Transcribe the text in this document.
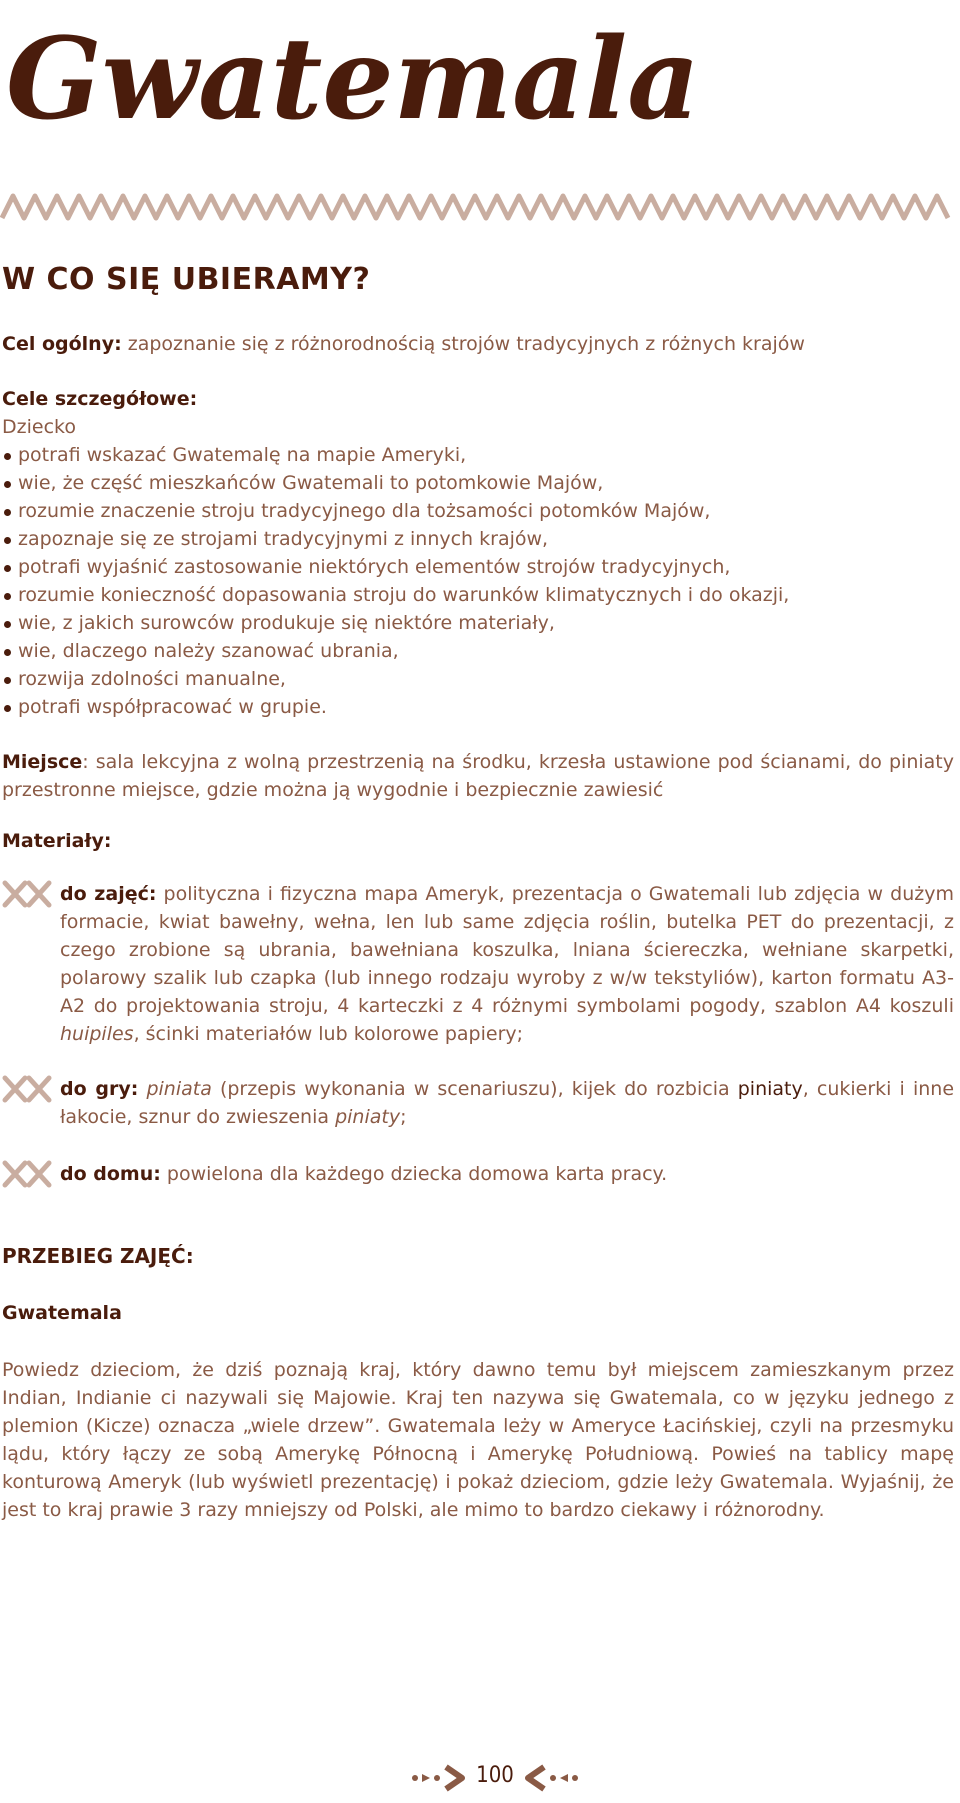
Gwatemala
W CO SIĘ UBIERAMY?
Cel ogólny: zapoznanie się z różnorodnością strojów tradycyjnych z różnych krajów
Cele szczegółowe:
Dziecko
potrafi wskazać Gwatemalę na mapie Ameryki,
wie, że część mieszkańców Gwatemali to potomkowie Majów,
rozumie znaczenie stroju tradycyjnego dla tożsamości potomków Majów,
zapoznaje się ze strojami tradycyjnymi z innych krajów,
potrafi wyjaśnić zastosowanie niektórych elementów strojów tradycyjnych,
rozumie konieczność dopasowania stroju do warunków klimatycznych i do okazji,
wie, z jakich surowców produkuje się niektóre materiały,
wie, dlaczego należy szanować ubrania,
rozwija zdolności manualne,
potrafi współpracować w grupie.
Miejsce: sala lekcyjna z wolną przestrzenią na środku, krzesła ustawione pod ścianami, do piniaty przestronne miejsce, gdzie można ją wygodnie i bezpiecznie zawiesić
Materiały:
do zajęć: polityczna i fizyczna mapa Ameryk, prezentacja o Gwatemali lub zdjęcia w dużym formacie, kwiat bawełny, wełna, len lub same zdjęcia roślin, butelka PET do prezentacji, z czego zrobione są ubrania, bawełniana koszulka, lniana ściereczka, wełniane skarpetki, polarowy szalik lub czapka (lub innego rodzaju wyroby z w/w tekstyliów), karton formatu A3-A2 do projektowania stroju, 4 karteczki z 4 różnymi symbolami pogody, szablon A4 koszuli huipiles, ścinki materiałów lub kolorowe papiery;
do gry: piniata (przepis wykonania w scenariuszu), kijek do rozbicia piniaty, cukierki i inne łakocie, sznur do zwieszenia piniaty;
do domu: powielona dla każdego dziecka domowa karta pracy.
PRZEBIEG ZAJĘĆ:
Gwatemala
Powiedz dzieciom, że dziś poznają kraj, który dawno temu był miejscem zamieszkanym przez Indian, Indianie ci nazywali się Majowie. Kraj ten nazywa się Gwatemala, co w języku jednego z plemion (Kicze) oznacza „wiele drzew”. Gwatemala leży w Ameryce Łacińskiej, czyli na przesmyku lądu, który łączy ze sobą Amerykę Północną i Amerykę Południową. Powieś na tablicy mapę konturową Ameryk (lub wyświetl prezentację) i pokaż dzieciom, gdzie leży Gwatemala. Wyjaśnij, że jest to kraj prawie 3 razy mniejszy od Polski, ale mimo to bardzo ciekawy i różnorodny.
100
